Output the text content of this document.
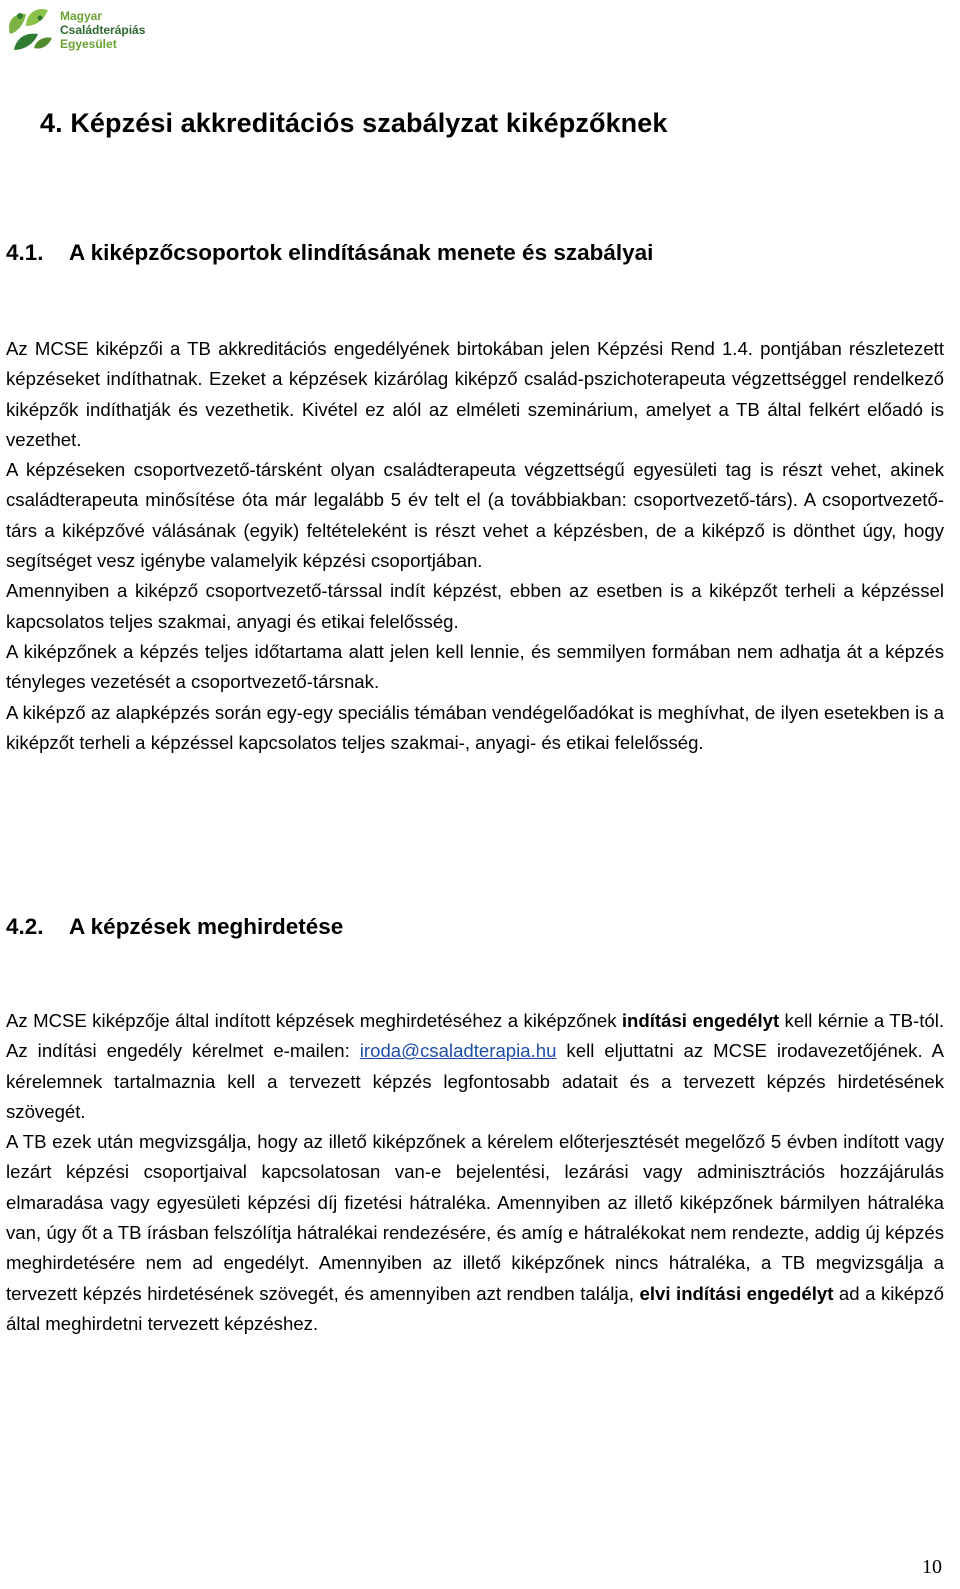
Magyar
Családterápiás
Egyesület
4. Képzési akkreditációs szabályzat kiképzőknek
4.1. A kiképzőcsoportok elindításának menete és szabályai

Az MCSE kiképzői a TB akkreditációs engedélyének birtokában jelen Képzési Rend 1.4. pontjában részletezett képzéseket indíthatnak. Ezeket a képzések kizárólag kiképző család-pszichoterapeuta végzettséggel rendelkező kiképzők indíthatják és vezethetik. Kivétel ez alól az elméleti szeminárium, amelyet a TB által felkért előadó is vezethet.

A képzéseken csoportvezető-társként olyan családterapeuta végzettségű egyesületi tag is részt vehet, akinek családterapeuta minősítése óta már legalább 5 év telt el (a továbbiakban: csoportvezető-társ). A csoportvezető-társ a kiképzővé válásának (egyik) feltételeként is részt vehet a képzésben, de a kiképző is dönthet úgy, hogy segítséget vesz igénybe valamelyik képzési csoportjában.

Amennyiben a kiképző csoportvezető-társsal indít képzést, ebben az esetben is a kiképzőt terheli a képzéssel kapcsolatos teljes szakmai, anyagi és etikai felelősség.

A kiképzőnek a képzés teljes időtartama alatt jelen kell lennie, és semmilyen formában nem adhatja át a képzés tényleges vezetését a csoportvezető-társnak.

A kiképző az alapképzés során egy-egy speciális témában vendégelőadókat is meghívhat, de ilyen esetekben is a kiképzőt terheli a képzéssel kapcsolatos teljes szakmai-, anyagi- és etikai felelősség.

4.2. A képzések meghirdetése

Az MCSE kiképzője által indított képzések meghirdetéséhez a kiképzőnek indítási engedélyt kell kérnie a TB-tól. Az indítási engedély kérelmet e-mailen: iroda@csaladterapia.hu kell eljuttatni az MCSE irodavezetőjének. A kérelemnek tartalmaznia kell a tervezett képzés legfontosabb adatait és a tervezett képzés hirdetésének szövegét.

A TB ezek után megvizsgálja, hogy az illető kiképzőnek a kérelem előterjesztését megelőző 5 évben indított vagy lezárt képzési csoportjaival kapcsolatosan van-e bejelentési, lezárási vagy adminisztrációs hozzájárulás elmaradása vagy egyesületi képzési díj fizetési hátraléka. Amennyiben az illető kiképzőnek bármilyen hátraléka van, úgy őt a TB írásban felszólítja hátralékai rendezésére, és amíg e hátralékokat nem rendezte, addig új képzés meghirdetésére nem ad engedélyt. Amennyiben az illető kiképzőnek nincs hátraléka, a TB megvizsgálja a tervezett képzés hirdetésének szövegét, és amennyiben azt rendben találja, elvi indítási engedélyt ad a kiképző által meghirdetni tervezett képzéshez.

10
